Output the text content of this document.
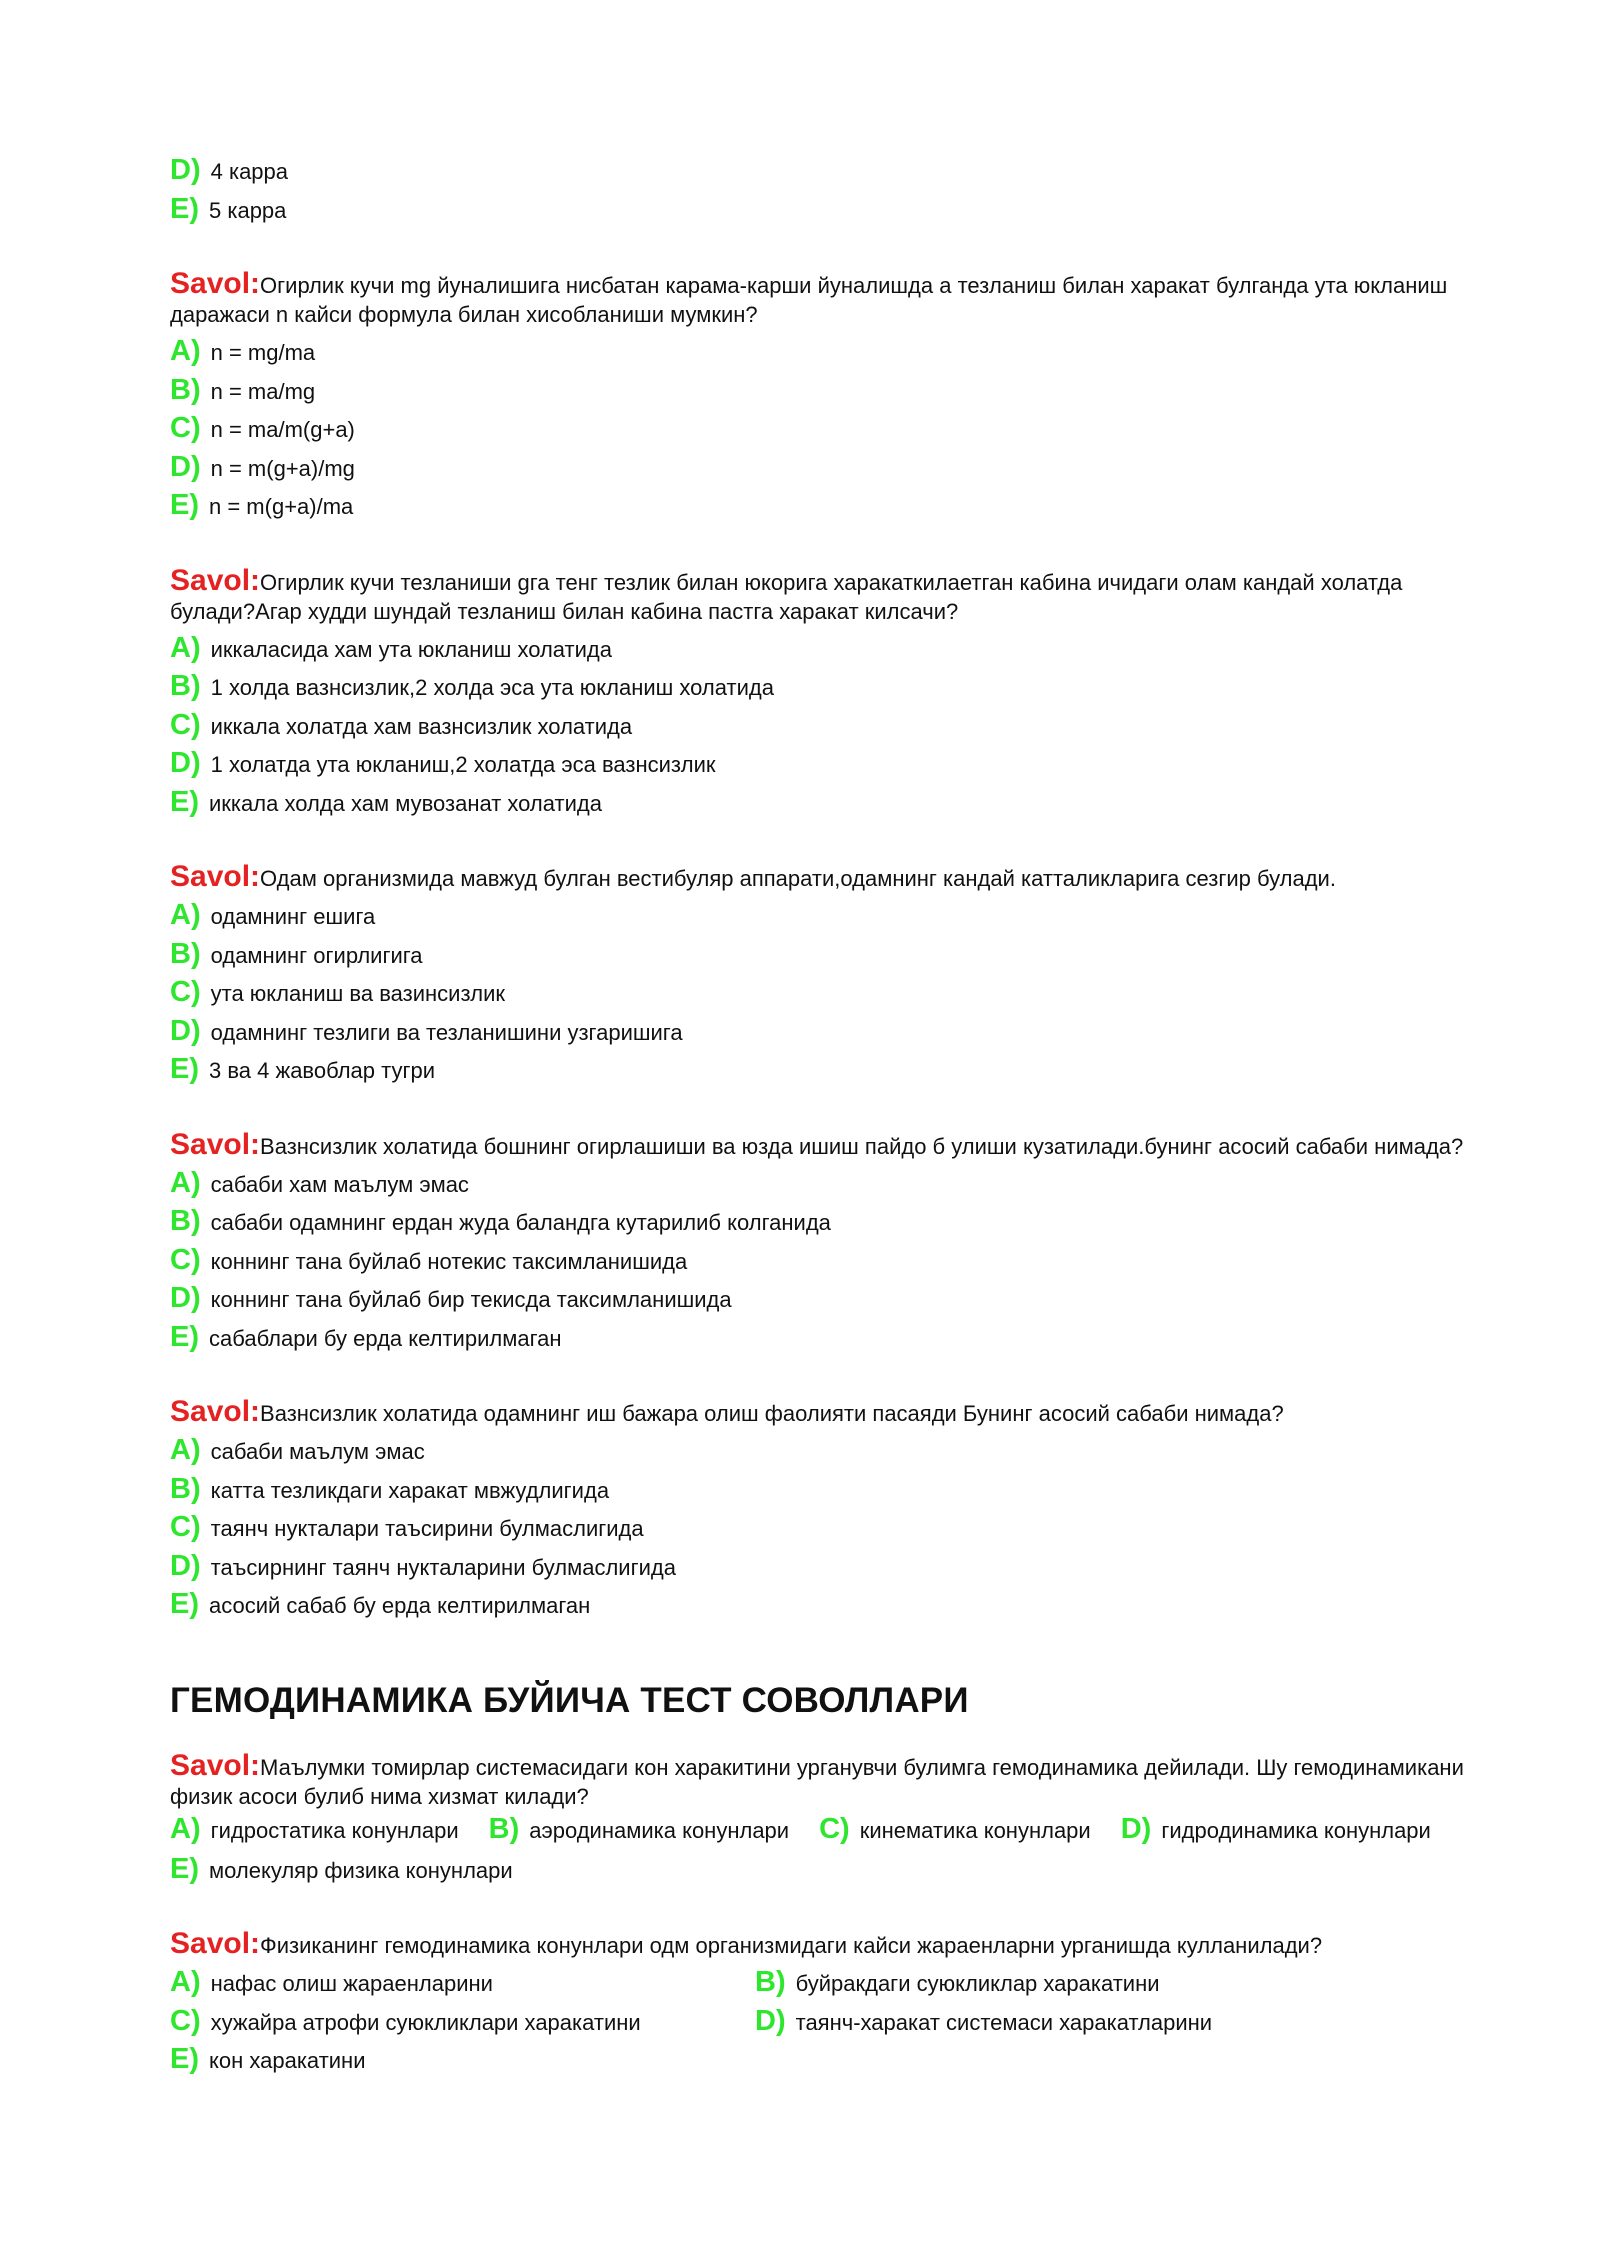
D) 4 карра

E) 5 карра

Savol:Огирлик кучи mg йуналишига нисбатан карама-карши йуналишда a тезланиш билан харакат булганда ута юкланиш даражаси n кайси формула билан хисобланиши мумкин?

A) n = mg/ma

B) n = ma/mg

C) n = ma/m(g+a)

D) n = m(g+a)/mg

E) n = m(g+a)/ma

Savol:Огирлик кучи тезланиши gга тенг тезлик билан юкорига харакаткилаетган кабина ичидаги олам кандай холатда булади?Агар худди шундай тезланиш билан кабина пастга харакат килсачи?

A) иккаласида хам ута юкланиш холатида

B) 1 холда вазнсизлик,2 холда эса ута юкланиш холатида

C) иккала холатда хам вазнсизлик холатида

D) 1 холатда ута юкланиш,2 холатда эса вазнсизлик

E) иккала холда хам мувозанат холатида

Savol:Одам организмида мавжуд булган вестибуляр аппарати,одамнинг кандай катталикларига сезгир булади.

A) одамнинг ешига

B) одамнинг огирлигига

C) ута юкланиш ва вазинсизлик

D) одамнинг тезлиги ва тезланишини узгаришига

E) 3 ва 4 жавоблар тугри

Savol:Вазнсизлик холатида бошнинг огирлашиши ва юзда ишиш пайдо б улиши кузатилади.бунинг асосий сабаби нимада?

A) сабаби хам маълум эмас

B) сабаби одамнинг ердан жуда баландга кутарилиб колганида

C) коннинг тана буйлаб нотекис таксимланишида

D) коннинг тана буйлаб бир текисда таксимланишида

E) сабаблари бу ерда келтирилмаган

Savol:Вазнсизлик холатида одамнинг иш бажара олиш фаолияти пасаяди Бунинг асосий сабаби нимада?

A) сабаби маълум эмас

B) катта тезликдаги харакат мвжудлигида

C) таянч нукталари таъсирини булмаслигида

D) таъсирнинг таянч нукталарини булмаслигида

E) асосий сабаб бу ерда келтирилмаган

ГЕМОДИНАМИКА БУЙИЧА ТЕСТ СОВОЛЛАРИ

Savol:Маълумки томирлар системасидаги кон харакитини урганувчи булимга гемодинамика дейилади. Шу гемодинамикани физик асоси булиб нима хизмат килади?

A) гидростатика конунлари B) аэродинамика конунлари C) кинематика конунлари D) гидродинамика конунлари

E) молекуляр физика конунлари

Savol:Физиканинг гемодинамика конунлари одм организмидаги кайси жараенларни урганишда кулланилади?

A) нафас олиш жараенларини	B) буйракдаги суюкликлар харакатини

C) хужайра атрофи суюкликлари харакатини	D) таянч-харакат системаси харакатларини

E) кон харакатини
